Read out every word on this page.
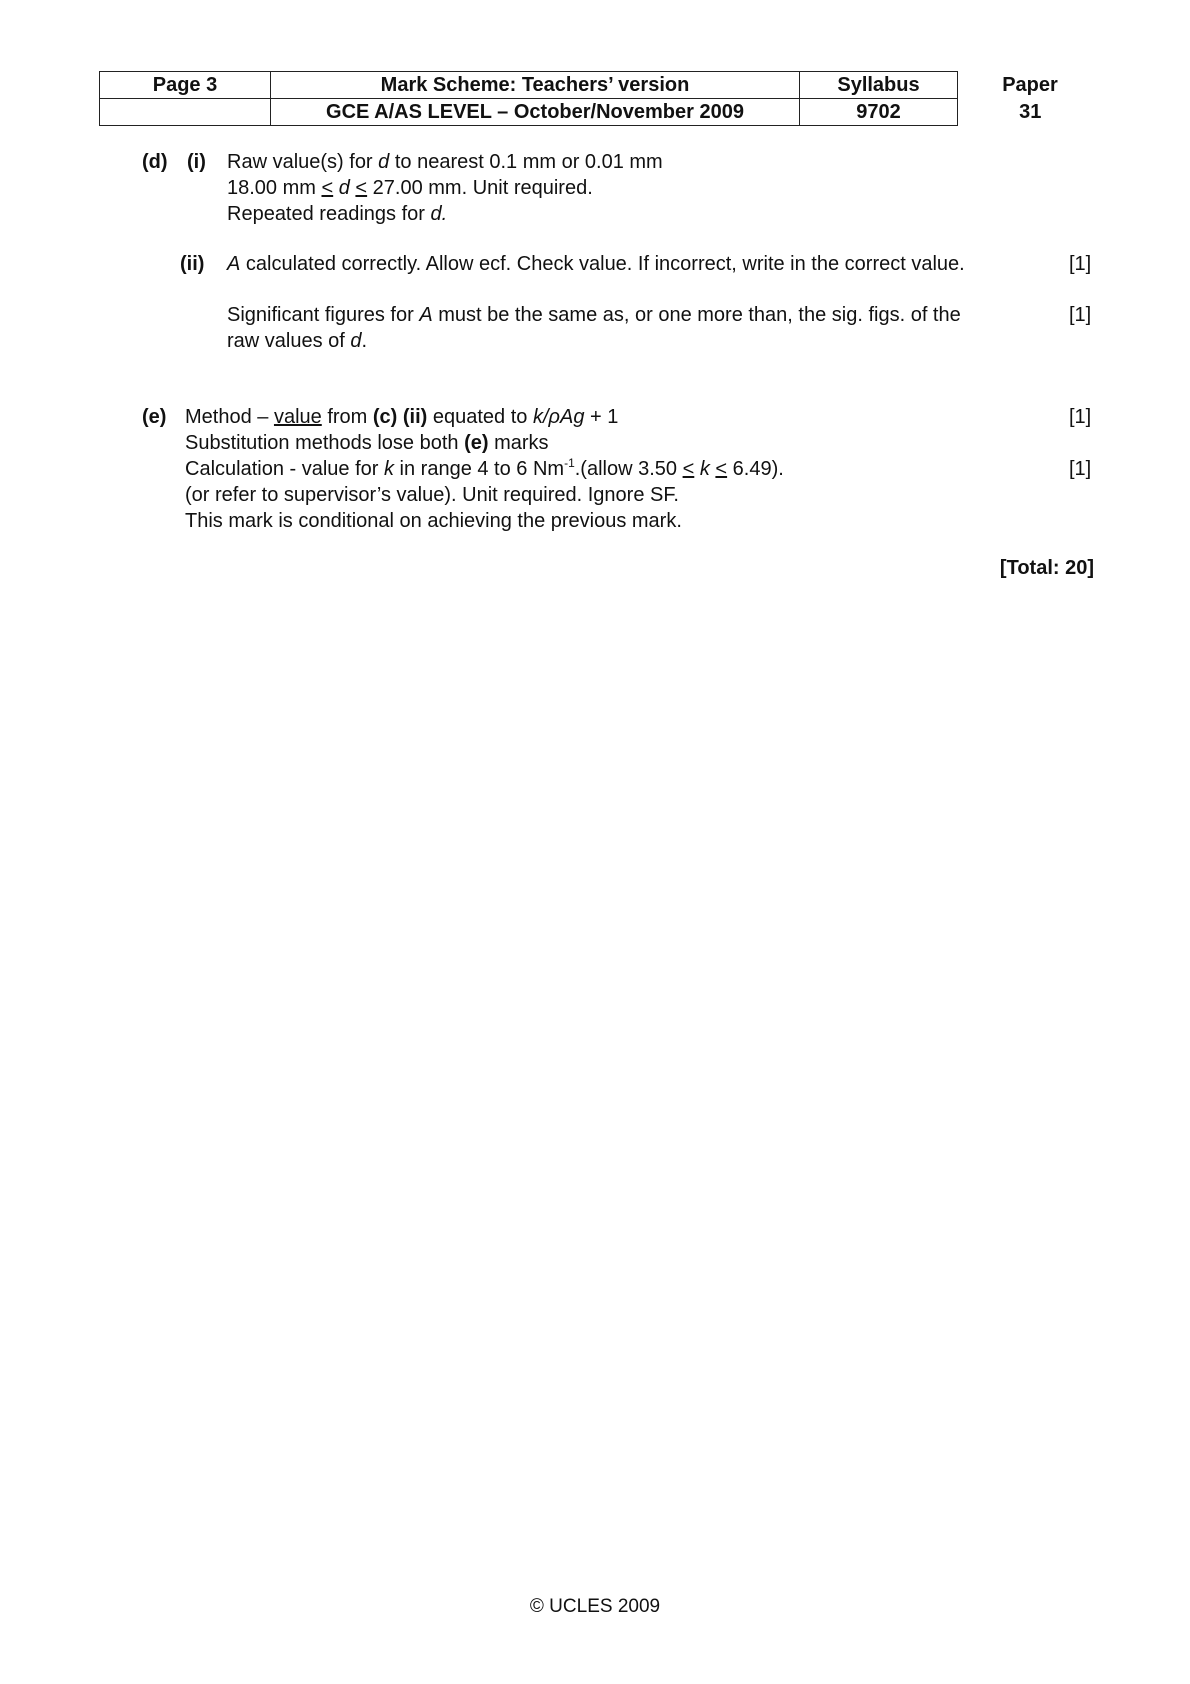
Page 3	Mark Scheme: Teachers’ version	Syllabus	Paper
	GCE A/AS LEVEL – October/November 2009	9702	31
(d) (i) Raw value(s) for d to nearest 0.1 mm or 0.01 mm
18.00 mm ≤ d ≤ 27.00 mm. Unit required.
Repeated readings for d.
(ii) A calculated correctly. Allow ecf. Check value. If incorrect, write in the correct value.	[1]
Significant figures for A must be the same as, or one more than, the sig. figs. of the	[1]
raw values of d.
(e) Method – value from (c) (ii) equated to k/ρAg + 1	[1]
Substitution methods lose both (e) marks
Calculation - value for k in range 4 to 6 $Nm^{-1}.(allow$ 3.50 ≤ k ≤ 6.49).	[1]
(or refer to supervisor’s value). Unit required. Ignore SF.
This mark is conditional on achieving the previous mark.
[Total: 20]
© UCLES 2009
